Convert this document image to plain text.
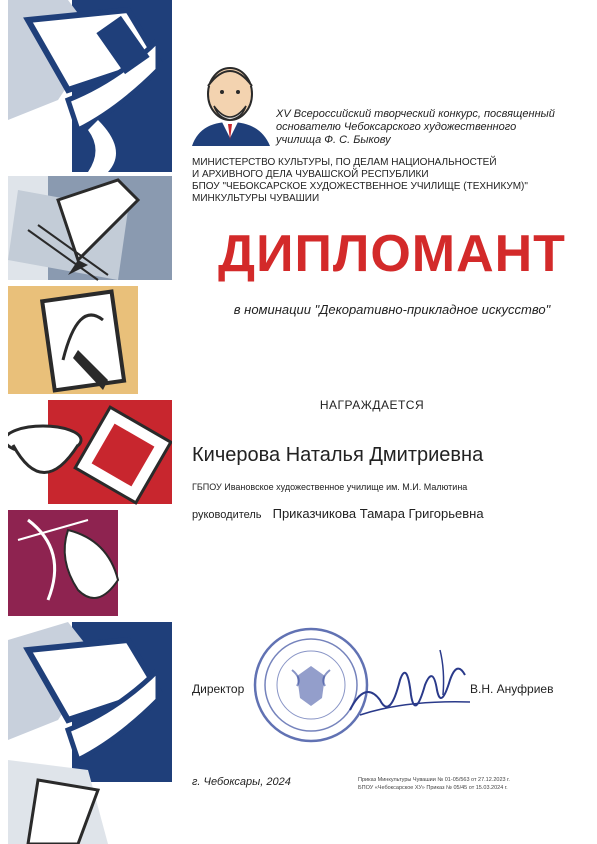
XV Всероссийский творческий конкурс, посвященный
основателю Чебоксарского художественного
училища Ф. С. Быкову
МИНИСТЕРСТВО КУЛЬТУРЫ, ПО ДЕЛАМ НАЦИОНАЛЬНОСТЕЙ
И АРХИВНОГО ДЕЛА ЧУВАШСКОЙ РЕСПУБЛИКИ
БПОУ "ЧЕБОКСАРСКОЕ ХУДОЖЕСТВЕННОЕ УЧИЛИЩЕ (ТЕХНИКУМ)"
МИНКУЛЬТУРЫ ЧУВАШИИ
ДИПЛОМАНТ
в номинации "Декоративно-прикладное искусство"
НАГРАЖДАЕТСЯ
Кичерова Наталья Дмитриевна
ГБПОУ Ивановское художественное училище им. М.И. Малютина
руководитель Приказчикова Тамара Григорьевна
Директор	В.Н. Ануфриев
г. Чебоксары, 2024	Приказ Минкультуры Чувашии № 01-05/563 от 27.12.2023 г.
БПОУ «Чебоксарское ХУ» Приказ № 05/45 от 15.03.2024 г.
